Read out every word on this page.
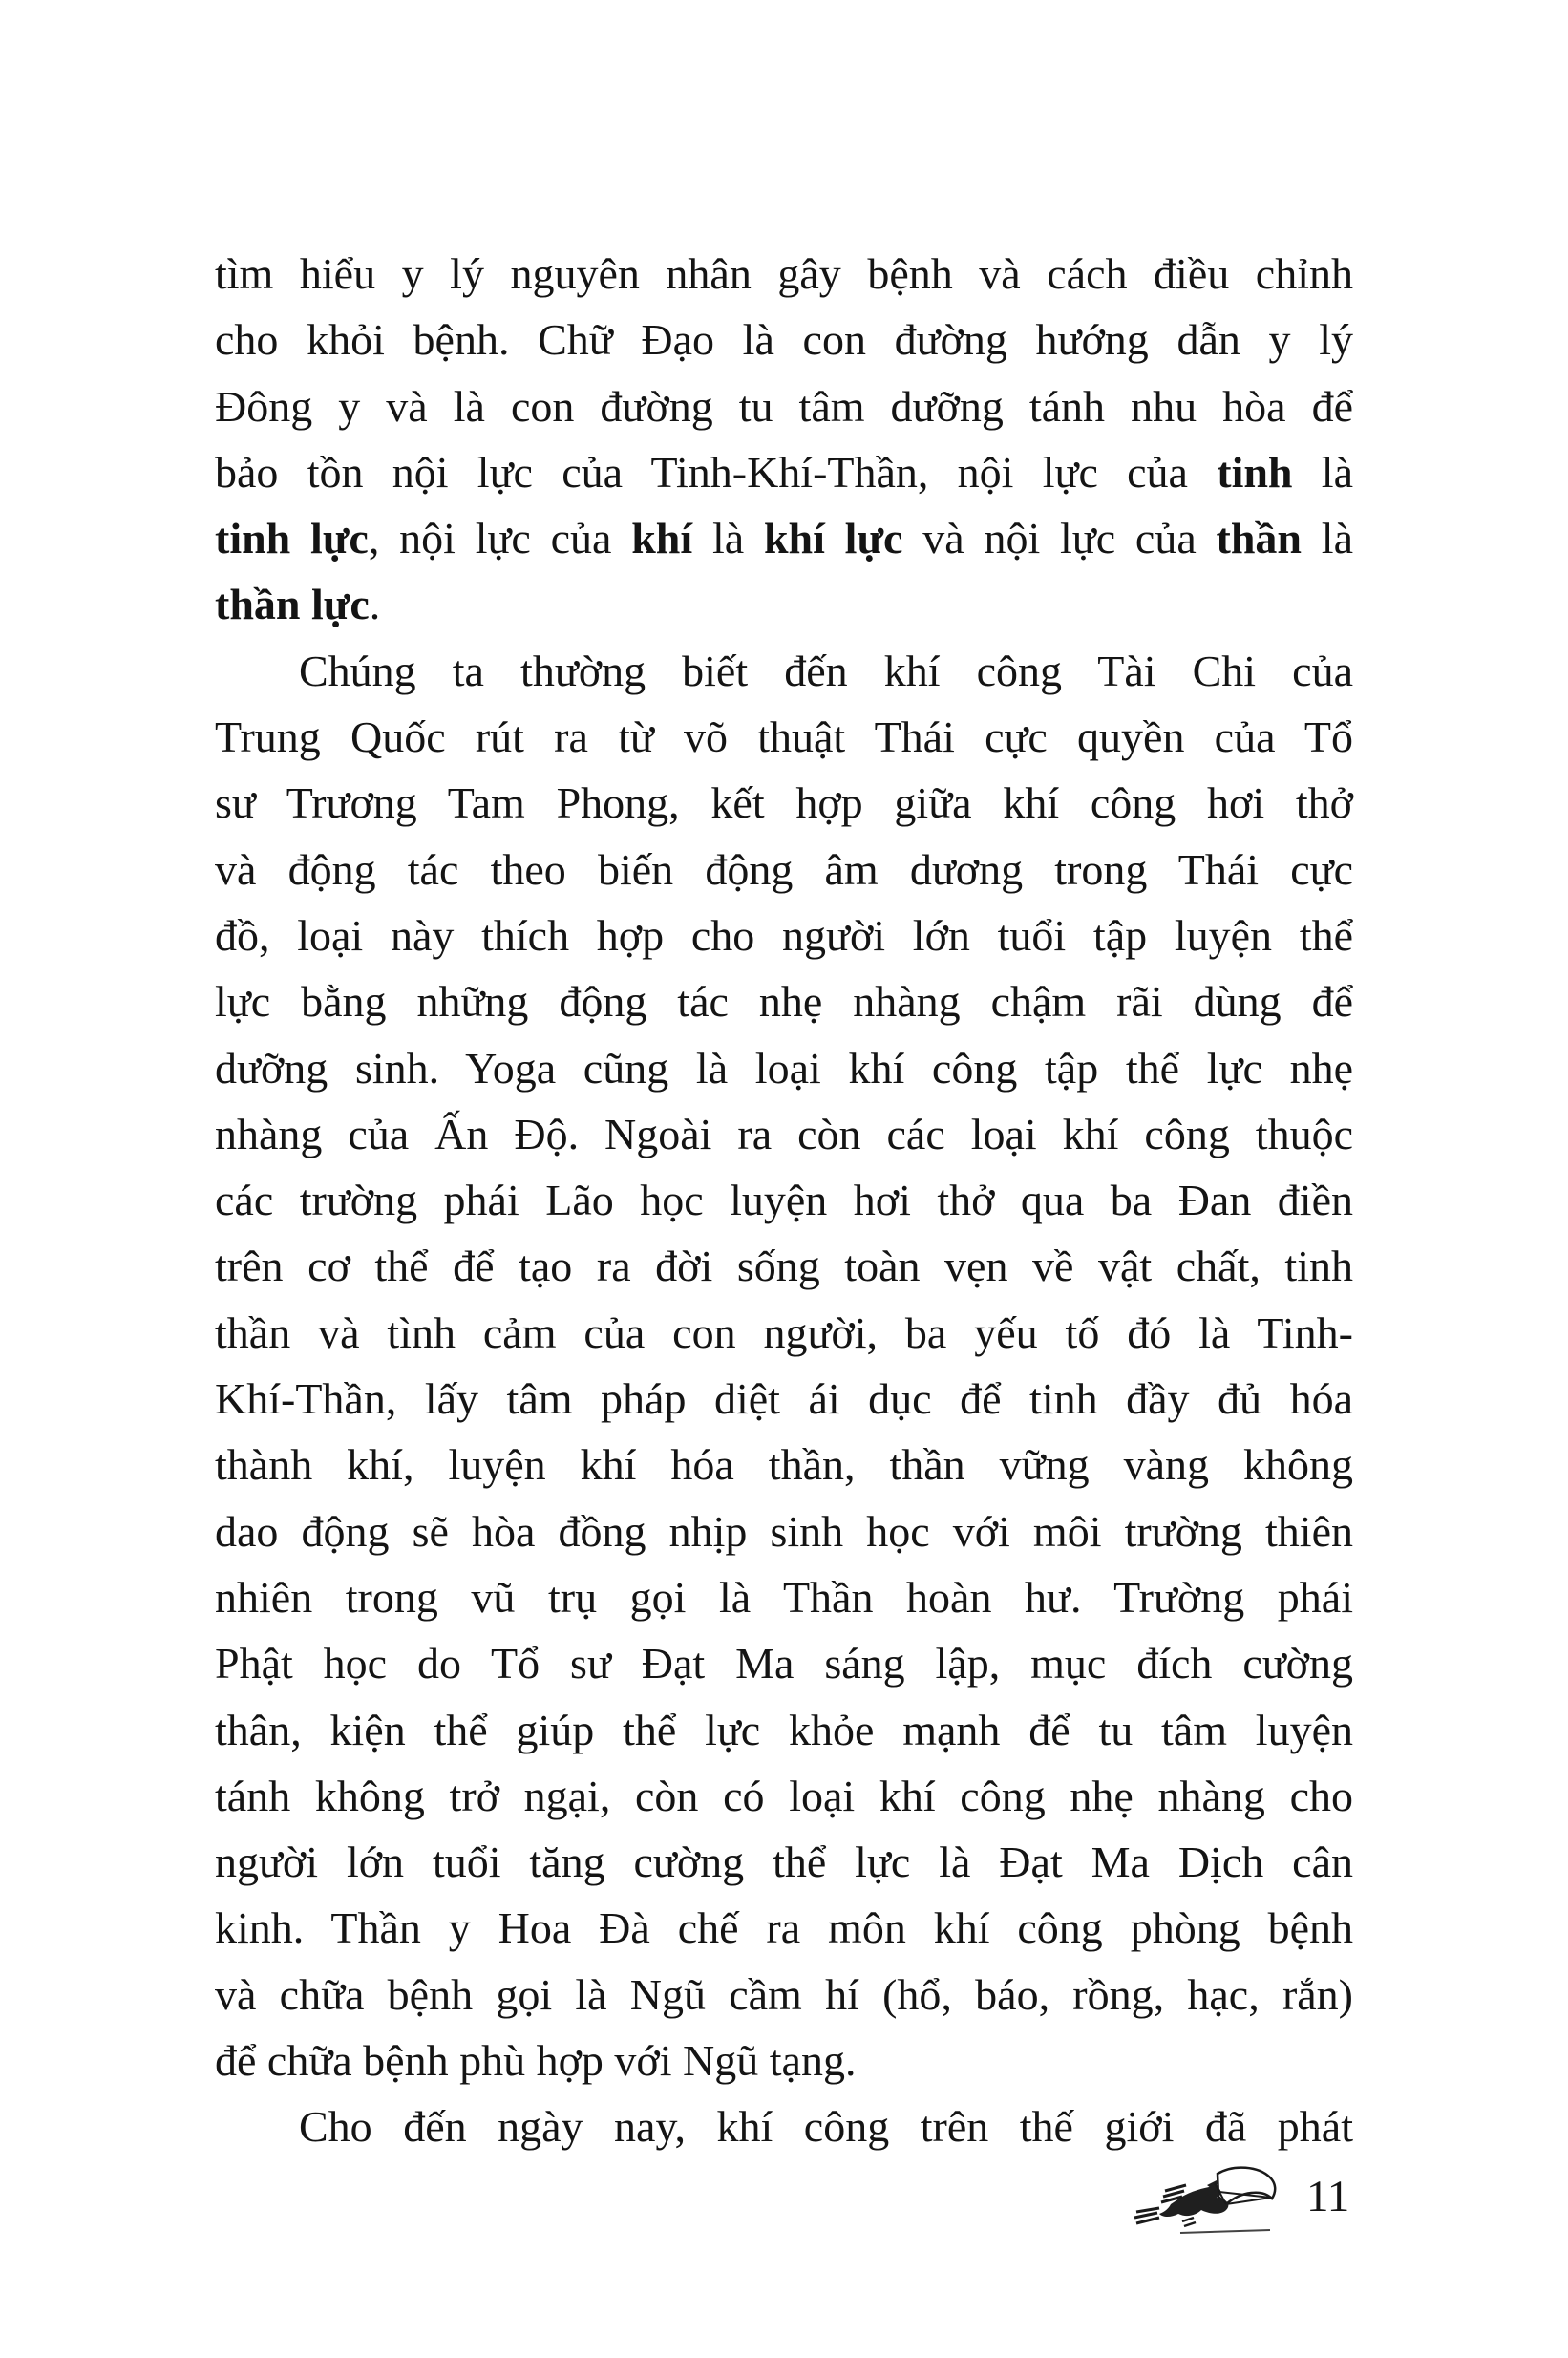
tìm hiểu y lý nguyên nhân gây bệnh và cách điều chỉnh
cho khỏi bệnh. Chữ Đạo là con đường hướng dẫn y lý
Đông y và là con đường tu tâm dưỡng tánh nhu hòa để
bảo tồn nội lực của Tinh-Khí-Thần, nội lực của tinh là
tinh lực, nội lực của khí là khí lực và nội lực của thần là
thần lực.
Chúng ta thường biết đến khí công Tài Chi của
Trung Quốc rút ra từ võ thuật Thái cực quyền của Tổ
sư Trương Tam Phong, kết hợp giữa khí công hơi thở
và động tác theo biến động âm dương trong Thái cực
đồ, loại này thích hợp cho người lớn tuổi tập luyện thể
lực bằng những động tác nhẹ nhàng chậm rãi dùng để
dưỡng sinh. Yoga cũng là loại khí công tập thể lực nhẹ
nhàng của Ấn Độ. Ngoài ra còn các loại khí công thuộc
các trường phái Lão học luyện hơi thở qua ba Đan điền
trên cơ thể để tạo ra đời sống toàn vẹn về vật chất, tinh
thần và tình cảm của con người, ba yếu tố đó là Tinh-
Khí-Thần, lấy tâm pháp diệt ái dục để tinh đầy đủ hóa
thành khí, luyện khí hóa thần, thần vững vàng không
dao động sẽ hòa đồng nhịp sinh học với môi trường thiên
nhiên trong vũ trụ gọi là Thần hoàn hư. Trường phái
Phật học do Tổ sư Đạt Ma sáng lập, mục đích cường
thân, kiện thể giúp thể lực khỏe mạnh để tu tâm luyện
tánh không trở ngại, còn có loại khí công nhẹ nhàng cho
người lớn tuổi tăng cường thể lực là Đạt Ma Dịch cân
kinh. Thần y Hoa Đà chế ra môn khí công phòng bệnh
và chữa bệnh gọi là Ngũ cầm hí (hổ, báo, rồng, hạc, rắn)
để chữa bệnh phù hợp với Ngũ tạng.
Cho đến ngày nay, khí công trên thế giới đã phát
11
